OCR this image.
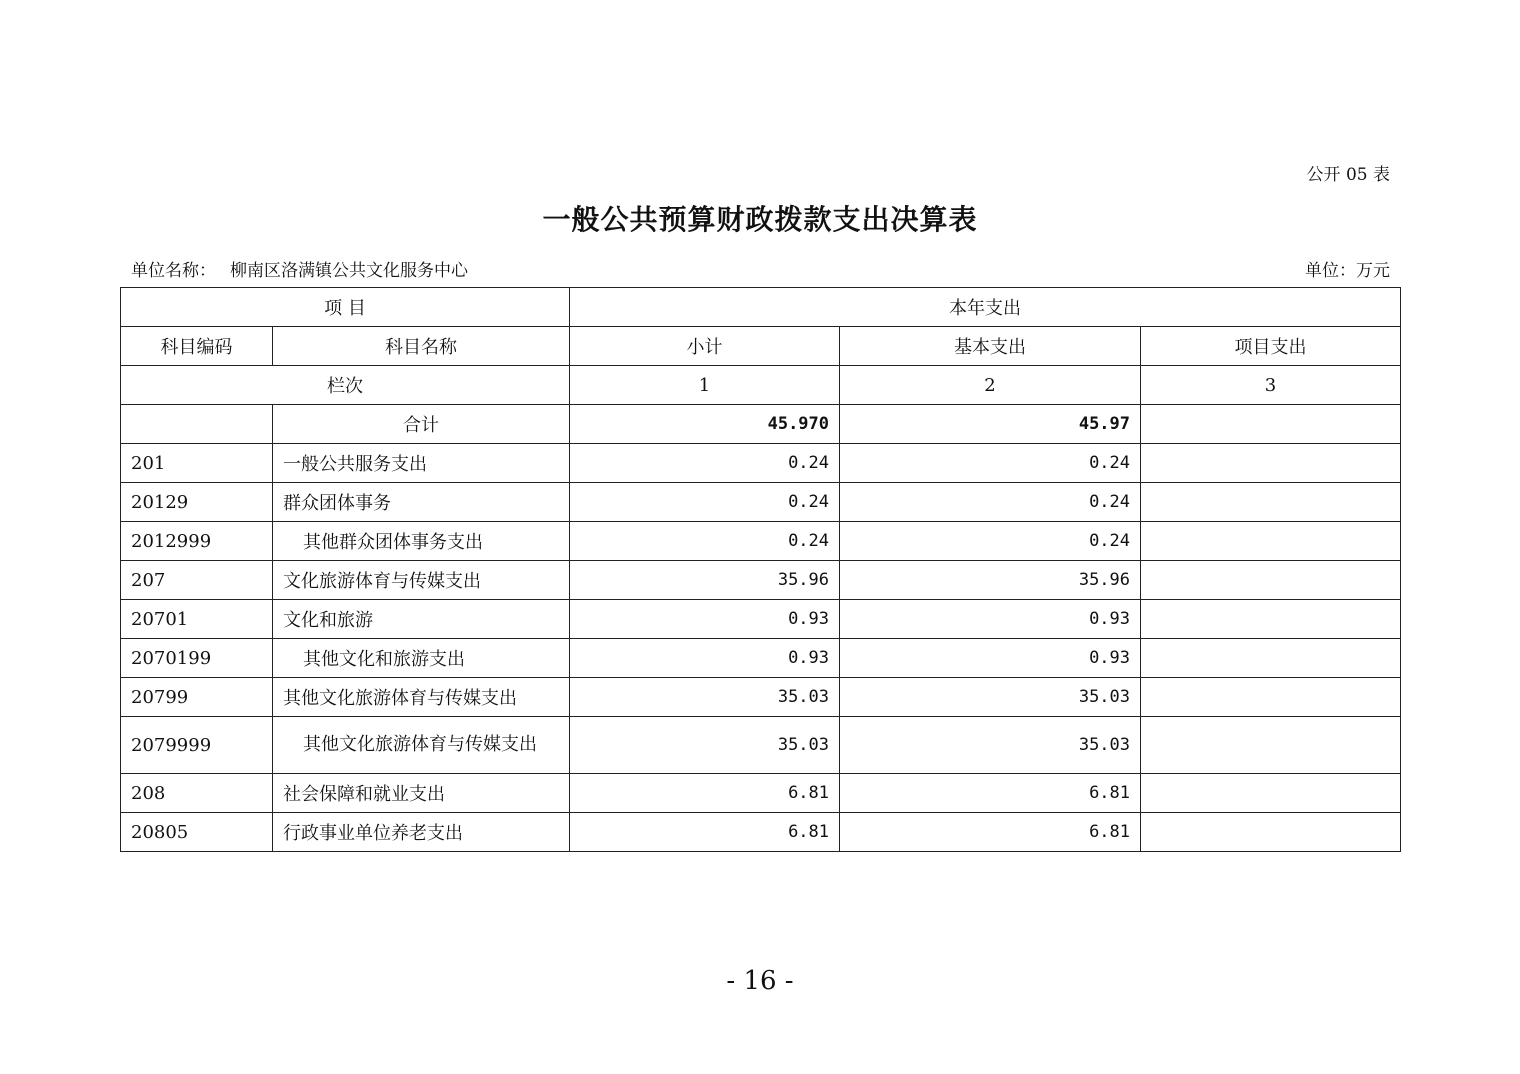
公开 05 表
一般公共预算财政拨款支出决算表
单位名称： 柳南区洛满镇公共文化服务中心	单位：万元
项 目		本年支出		
科目编码	科目名称	小计	基本支出	项目支出
栏次		1	2	3
	合计	45.970	45.97	
201	一般公共服务支出	0.24	0.24	
20129	群众团体事务	0.24	0.24	
2012999	其他群众团体事务支出	0.24	0.24	
207	文化旅游体育与传媒支出	35.96	35.96	
20701	文化和旅游	0.93	0.93	
2070199	其他文化和旅游支出	0.93	0.93	
20799	其他文化旅游体育与传媒支出	35.03	35.03	
2079999	其他文化旅游体育与传媒支出	35.03	35.03	
208	社会保障和就业支出	6.81	6.81	
20805	行政事业单位养老支出	6.81	6.81	
- 16 -
